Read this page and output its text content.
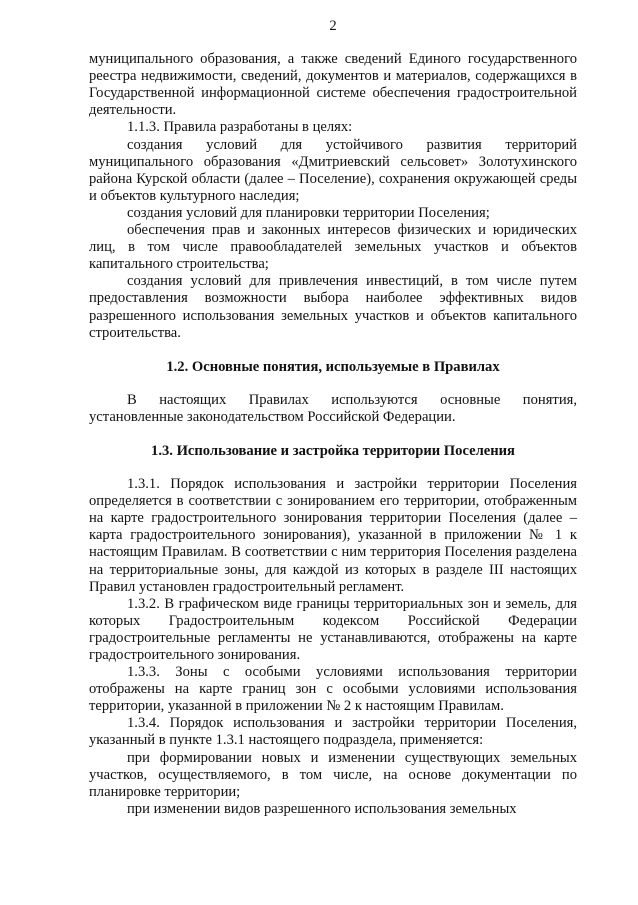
2

муниципального образования, а также сведений Единого государственного реестра недвижимости, сведений, документов и материалов, содержащихся в Государственной информационной системе обеспечения градостроительной деятельности.

1.1.3. Правила разработаны в целях:

создания условий для устойчивого развития территорий муниципального образования «Дмитриевский сельсовет» Золотухинского района Курской области (далее – Поселение), сохранения окружающей среды и объектов культурного наследия;

создания условий для планировки территории Поселения;

обеспечения прав и законных интересов физических и юридических лиц, в том числе правообладателей земельных участков и объектов капитального строительства;

создания условий для привлечения инвестиций, в том числе путем предоставления возможности выбора наиболее эффективных видов разрешенного использования земельных участков и объектов капитального строительства.

1.2. Основные понятия, используемые в Правилах

В настоящих Правилах используются основные понятия, установленные законодательством Российской Федерации.

1.3. Использование и застройка территории Поселения

1.3.1. Порядок использования и застройки территории Поселения определяется в соответствии с зонированием его территории, отображенным на карте градостроительного зонирования территории Поселения (далее – карта градостроительного зонирования), указанной в приложении № 1 к настоящим Правилам. В соответствии с ним территория Поселения разделена на территориальные зоны, для каждой из которых в разделе III настоящих Правил установлен градостроительный регламент.

1.3.2. В графическом виде границы территориальных зон и земель, для которых Градостроительным кодексом Российской Федерации градостроительные регламенты не устанавливаются, отображены на карте градостроительного зонирования.

1.3.3. Зоны с особыми условиями использования территории отображены на карте границ зон с особыми условиями использования территории, указанной в приложении № 2 к настоящим Правилам.

1.3.4. Порядок использования и застройки территории Поселения, указанный в пункте 1.3.1 настоящего подраздела, применяется:

при формировании новых и изменении существующих земельных участков, осуществляемого, в том числе, на основе документации по планировке территории;

при изменении видов разрешенного использования земельных
